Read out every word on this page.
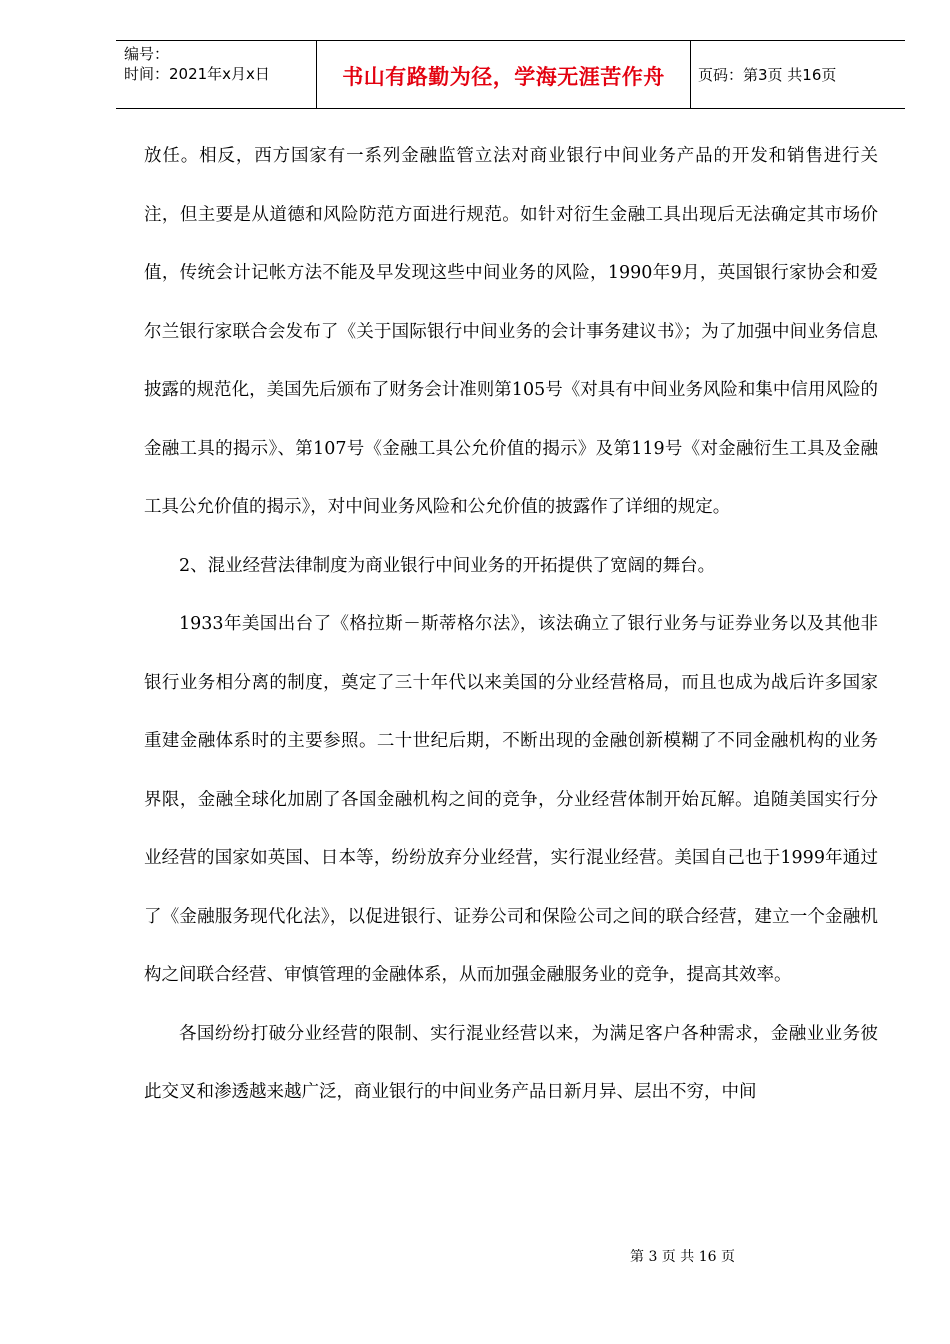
编号：
时间：2021年x月x日	书山有路勤为径，学海无涯苦作舟	页码：第3页 共16页

放任。相反，西方国家有一系列金融监管立法对商业银行中间业务产品的开发和销售进行关注，但主要是从道德和风险防范方面进行规范。如针对衍生金融工具出现后无法确定其市场价值，传统会计记帐方法不能及早发现这些中间业务的风险，1990年9月，英国银行家协会和爱尔兰银行家联合会发布了《关于国际银行中间业务的会计事务建议书》；为了加强中间业务信息披露的规范化，美国先后颁布了财务会计准则第105号《对具有中间业务风险和集中信用风险的金融工具的揭示》、第107号《金融工具公允价值的揭示》及第119号《对金融衍生工具及金融工具公允价值的揭示》，对中间业务风险和公允价值的披露作了详细的规定。

2、混业经营法律制度为商业银行中间业务的开拓提供了宽阔的舞台。

1933年美国出台了《格拉斯－斯蒂格尔法》，该法确立了银行业务与证券业务以及其他非银行业务相分离的制度，奠定了三十年代以来美国的分业经营格局，而且也成为战后许多国家重建金融体系时的主要参照。二十世纪后期，不断出现的金融创新模糊了不同金融机构的业务界限，金融全球化加剧了各国金融机构之间的竞争，分业经营体制开始瓦解。追随美国实行分业经营的国家如英国、日本等，纷纷放弃分业经营，实行混业经营。美国自己也于1999年通过了《金融服务现代化法》，以促进银行、证券公司和保险公司之间的联合经营，建立一个金融机构之间联合经营、审慎管理的金融体系，从而加强金融服务业的竞争，提高其效率。

各国纷纷打破分业经营的限制、实行混业经营以来，为满足客户各种需求，金融业业务彼此交叉和渗透越来越广泛，商业银行的中间业务产品日新月异、层出不穷，中间

第 3 页 共 16 页
